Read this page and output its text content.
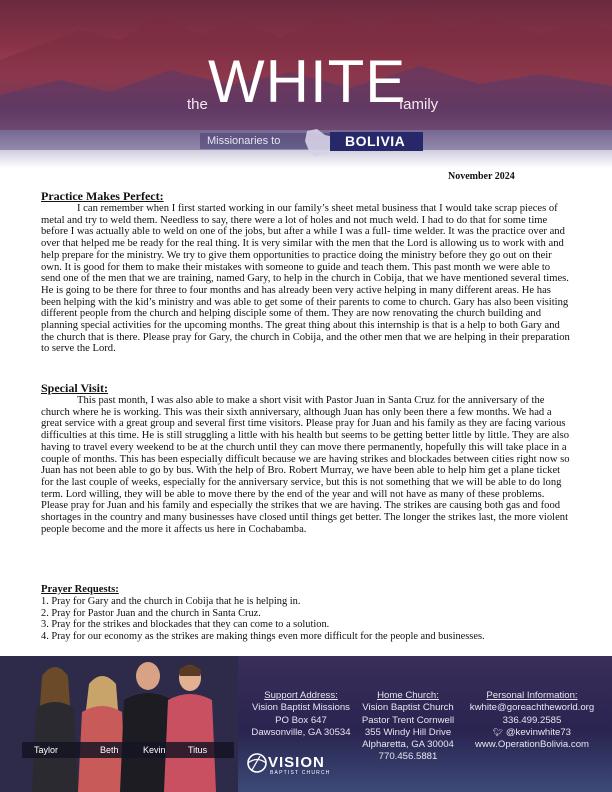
the WHITE
family
Missionaries to	BOLIVIA
November 2024
Practice Makes Perfect:

I can remember when I first started working in our family’s sheet metal business that I would take scrap pieces of metal and try to weld them. Needless to say, there were a lot of holes and not much weld. I had to do that for some time before I was actually able to weld on one of the jobs, but after a while I was a full- time welder. It was the practice over and over that helped me be ready for the real thing. It is very similar with the men that the Lord is allowing us to work with and help prepare for the ministry. We try to give them opportunities to practice doing the ministry before they go out on their own. It is good for them to make their mistakes with someone to guide and teach them. This past month we were able to send one of the men that we are training, named Gary, to help in the church in Cobija, that we have mentioned several times. He is going to be there for three to four months and has already been very active helping in many different areas. He has been helping with the kid’s ministry and was able to get some of their parents to come to church. Gary has also been visiting different people from the church and helping disciple some of them. They are now renovating the church building and planning special activities for the upcoming months. The great thing about this internship is that is a help to both Gary and the church that is there. Please pray for Gary, the church in Cobija, and the other men that we are helping in their preparation to serve the Lord.

Special Visit:

This past month, I was also able to make a short visit with Pastor Juan in Santa Cruz for the anniversary of the church where he is working. This was their sixth anniversary, although Juan has only been there a few months. We had a great service with a great group and several first time visitors. Please pray for Juan and his family as they are facing various difficulties at this time. He is still struggling a little with his health but seems to be getting better little by little. They are also having to travel every weekend to be at the church until they can move there permanently, hopefully this will take place in a couple of months. This has been especially difficult because we are having strikes and blockades between cities right now so Juan has not been able to go by bus. With the help of Bro. Robert Murray, we have been able to help him get a plane ticket for the last couple of weeks, especially for the anniversary service, but this is not something that we will be able to do long term. Lord willing, they will be able to move there by the end of the year and will not have as many of these problems. Please pray for Juan and his family and especially the strikes that we are having. The strikes are causing both gas and food shortages in the country and many businesses have closed until things get better. The longer the strikes last, the more violent people become and the more it affects us here in Cochabamba.

Prayer Requests:
1. Pray for Gary and the church in Cobija that he is helping in.
2. Pray for Pastor Juan and the church in Santa Cruz.
3. Pray for the strikes and blockades that they can come to a solution.
4. Pray for our economy as the strikes are making things even more difficult for the people and businesses.
Taylor	Beth	Kevin Titus
Support Address:
Vision Baptist Missions
PO Box 647
Dawsonville, GA 30534
Home Church:
Vision Baptist Church
Pastor Trent Cornwell
355 Windy Hill Drive
Alpharetta, GA 30004
770.456.5881
Personal Information:
kwhite@goreachtheworld.org
336.499.2585
🐦︎ @kevinwhite73
www.OperationBolivia.com
VISION
BAPTIST CHURCH
